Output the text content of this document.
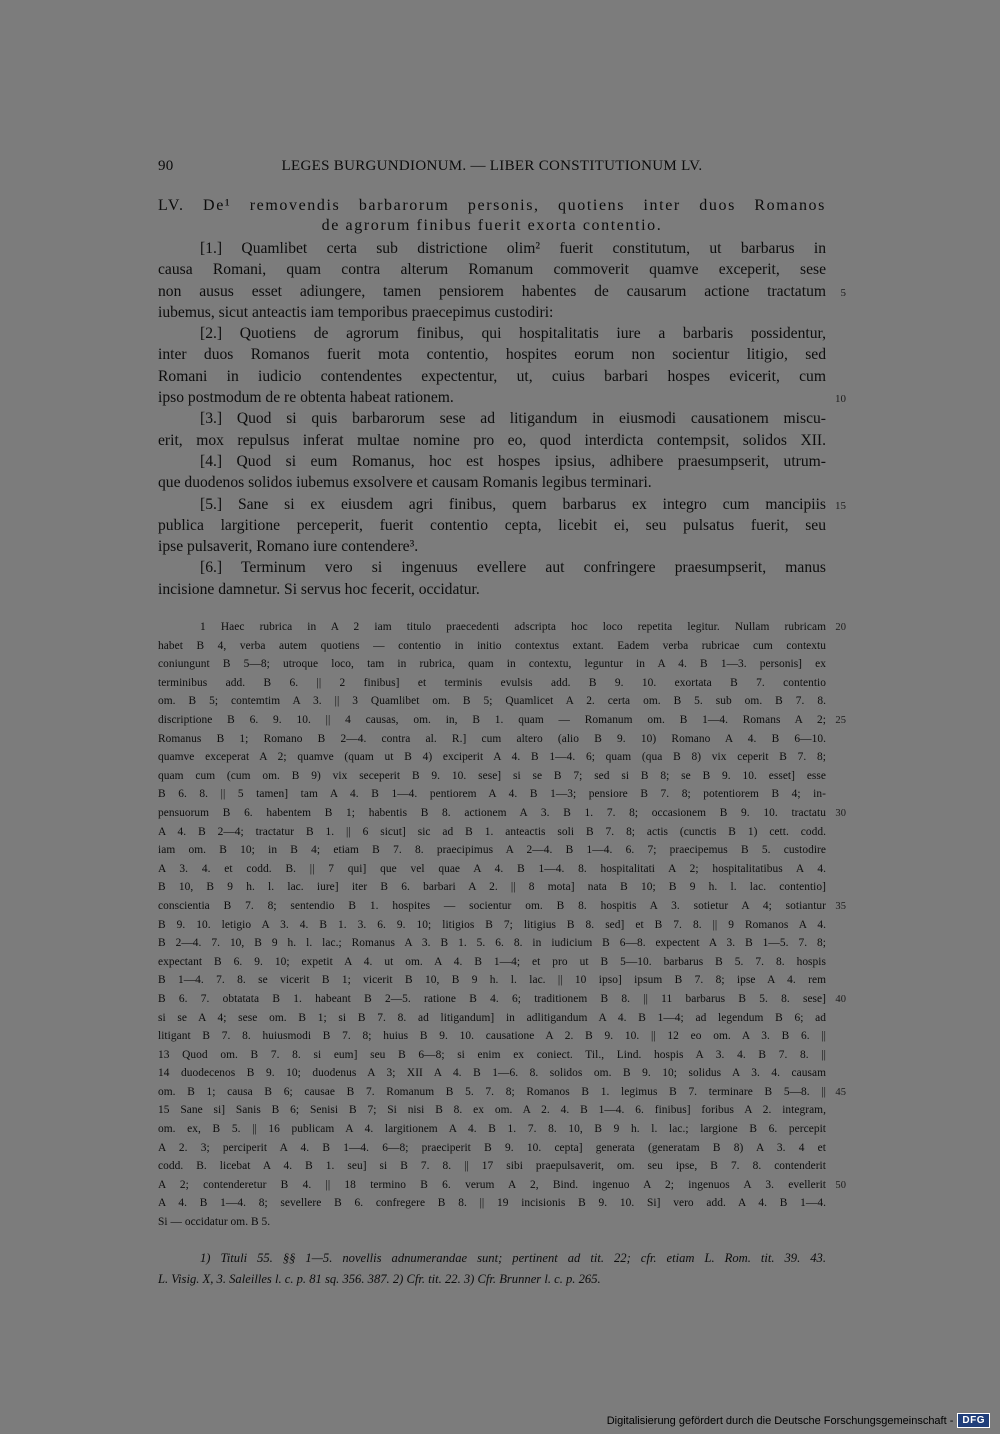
90	LEGES BURGUNDIONUM. — LIBER CONSTITUTIONUM LV.
LV. De¹ removendis barbarorum personis, quotiens inter duos Romanos
de agrorum finibus fuerit exorta contentio.
[1.] Quamlibet certa sub districtione olim² fuerit constitutum, ut barbarus in
causa Romani, quam contra alterum Romanum commoverit quamve exceperit, sese
non ausus esset adiungere, tamen pensiorem habentes de causarum actione tractatum 5
iubemus, sicut anteactis iam temporibus praecepimus custodiri:
[2.] Quotiens de agrorum finibus, qui hospitalitatis iure a barbaris possidentur,
inter duos Romanos fuerit mota contentio, hospites eorum non socientur litigio, sed
Romani in iudicio contendentes expectentur, ut, cuius barbari hospes evicerit, cum
ipso postmodum de re obtenta habeat rationem.	10
[3.] Quod si quis barbarorum sese ad litigandum in eiusmodi causationem miscu-
erit, mox repulsus inferat multae nomine pro eo, quod interdicta contempsit, solidos XII.
[4.] Quod si eum Romanus, hoc est hospes ipsius, adhibere praesumpserit, utrum-
que duodenos solidos iubemus exsolvere et causam Romanis legibus terminari.
[5.] Sane si ex eiusdem agri finibus, quem barbarus ex integro cum mancipiis 15
publica largitione perceperit, fuerit contentio cepta, licebit ei, seu pulsatus fuerit, seu
ipse pulsaverit, Romano iure contendere³.
[6.] Terminum vero si ingenuus evellere aut confringere praesumpserit, manus
incisione damnetur. Si servus hoc fecerit, occidatur.
1 Haec rubrica in A 2 iam titulo praecedenti adscripta hoc loco repetita legitur. Nullam rubricam 20
habet B 4, verba autem quotiens — contentio in initio contextus extant. Eadem verba rubricae cum contextu
coniungunt B 5—8; utroque loco, tam in rubrica, quam in contextu, leguntur in A 4. B 1—3. personis] ex
terminibus add. B 6. || 2 finibus] et terminis evulsis add. B 9. 10. exortata B 7. contentio
om. B 5; contemtim A 3. || 3 Quamlibet om. B 5; Quamlicet A 2. certa om. B 5. sub om. B 7. 8.
discriptione B 6. 9. 10. || 4 causas, om. in, B 1. quam — Romanum om. B 1—4. Romans A 2; 25
Romanus B 1; Romano B 2—4. contra al. R.] cum altero (alio B 9. 10) Romano A 4. B 6—10.
quamve exceperat A 2; quamve (quam ut B 4) exciperit A 4. B 1—4. 6; quam (qua B 8) vix ceperit B 7. 8;
quam cum (cum om. B 9) vix seceperit B 9. 10. sese] si se B 7; sed si B 8; se B 9. 10. esset] esse
B 6. 8. || 5 tamen] tam A 4. B 1—4. pentiorem A 4. B 1—3; pensiore B 7. 8; potentiorem B 4; in-
pensuorum B 6. habentem B 1; habentis B 8. actionem A 3. B 1. 7. 8; occasionem B 9. 10. tractatu 30
A 4. B 2—4; tractatur B 1. || 6 sicut] sic ad B 1. anteactis soli B 7. 8; actis (cunctis B 1) cett. codd.
iam om. B 10; in B 4; etiam B 7. 8. praecipimus A 2—4. B 1—4. 6. 7; praecipemus B 5. custodire
A 3. 4. et codd. B. || 7 qui] que vel quae A 4. B 1—4. 8. hospitalitati A 2; hospitalitatibus A 4.
B 10, B 9 h. l. lac. iure] iter B 6. barbari A 2. || 8 mota] nata B 10; B 9 h. l. lac. contentio]
conscientia B 7. 8; sentendio B 1. hospites — socientur om. B 8. hospitis A 3. sotietur A 4; sotiantur 35
B 9. 10. letigio A 3. 4. B 1. 3. 6. 9. 10; litigios B 7; litigius B 8. sed] et B 7. 8. || 9 Romanos A 4.
B 2—4. 7. 10, B 9 h. l. lac.; Romanus A 3. B 1. 5. 6. 8. in iudicium B 6—8. expectent A 3. B 1—5. 7. 8;
expectant B 6. 9. 10; expetit A 4. ut om. A 4. B 1—4; et pro ut B 5—10. barbarus B 5. 7. 8. hospis
B 1—4. 7. 8. se vicerit B 1; vicerit B 10, B 9 h. l. lac. || 10 ipso] ipsum B 7. 8; ipse A 4. rem
B 6. 7. obtatata B 1. habeant B 2—5. ratione B 4. 6; traditionem B 8. || 11 barbarus B 5. 8. sese] 40
si se A 4; sese om. B 1; si B 7. 8. ad litigandum] in adlitigandum A 4. B 1—4; ad legendum B 6; ad
litigant B 7. 8. huiusmodi B 7. 8; huius B 9. 10. causatione A 2. B 9. 10. || 12 eo om. A 3. B 6. ||
13 Quod om. B 7. 8. si eum] seu B 6—8; si enim ex coniect. Til., Lind. hospis A 3. 4. B 7. 8. ||
14 duodecenos B 9. 10; duodenus A 3; XII A 4. B 1—6. 8. solidos om. B 9. 10; solidus A 3. 4. causam
om. B 1; causa B 6; causae B 7. Romanum B 5. 7. 8; Romanos B 1. legimus B 7. terminare B 5—8. || 45
15 Sane si] Sanis B 6; Senisi B 7; Si nisi B 8. ex om. A 2. 4. B 1—4. 6. finibus] foribus A 2. integram,
om. ex, B 5. || 16 publicam A 4. largitionem A 4. B 1. 7. 8. 10, B 9 h. l. lac.; largione B 6. percepit
A 2. 3; perciperit A 4. B 1—4. 6—8; praeciperit B 9. 10. cepta] generata (generatam B 8) A 3. 4 et
codd. B. licebat A 4. B 1. seu] si B 7. 8. || 17 sibi praepulsaverit, om. seu ipse, B 7. 8. contenderit
A 2; contenderetur B 4. || 18 termino B 6. verum A 2, Bind. ingenuo A 2; ingenuos A 3. evellerit 50
A 4. B 1—4. 8; sevellere B 6. confregere B 8. || 19 incisionis B 9. 10. Si] vero add. A 4. B 1—4.
Si — occidatur om. B 5.
1) Tituli 55. §§ 1—5. novellis adnumerandae sunt; pertinent ad tit. 22; cfr. etiam L. Rom. tit. 39. 43.
L. Visig. X, 3. Saleilles l. c. p. 81 sq. 356. 387. 2) Cfr. tit. 22. 3) Cfr. Brunner l. c. p. 265.
Digitalisierung gefördert durch die Deutsche Forschungsgemeinschaft - DFG
